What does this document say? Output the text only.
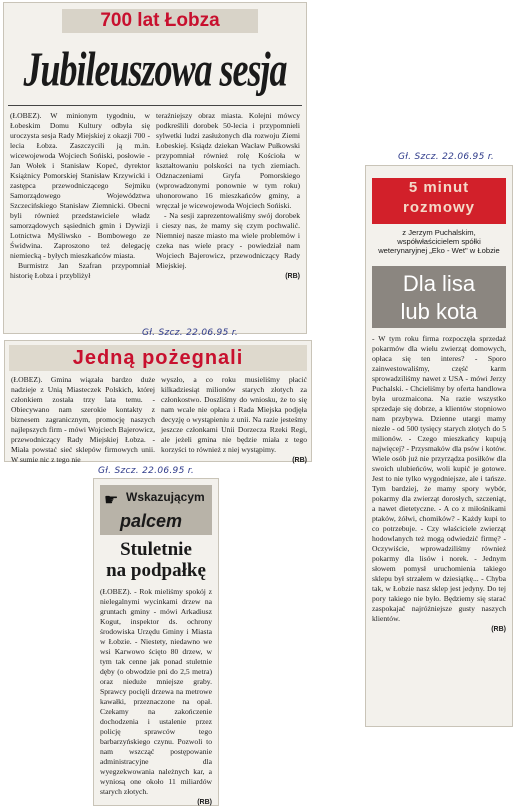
700 lat Łobza
Jubileuszowa sesja

(ŁOBEZ). W minionym tygodniu, w Łobeskim Domu Kultury odbyła się uroczysta sesja Rady Miejskiej z okazji 700 - lecia Łobza. Zaszczycili ją m.in. wicewojewoda Wojciech Sońiski, posłowie - Jan Wołek i Stanisław Kopeć, dyrektor Książnicy Pomorskiej Stanisław Krzywicki i zastępca przewodniczącego Sejmiku Samorządowego Województwa Szczecińskiego Stanisław Ziemnicki. Obecni byli również przedstawiciele władz samorządowych sąsiednich gmin i Dywizji Lotnictwa Myśliwsko - Bombowego ze Świdwina. Zaproszono też delegację niemiecką - byłych mieszkańców miasta.

Burmistrz Jan Szafran przypomniał historię Łobza i przybliżył

teraźniejszy obraz miasta. Kolejni mówcy podkreślili dorobek 50-lecia i przypomnieli sylwetki ludzi zasłużonych dla rozwoju Ziemi Łobeskiej. Ksiądz dziekan Wacław Pułkowski przypomniał również rolę Kościoła w kształtowaniu polskości na tych ziemiach. Odznaczeniami Gryfa Pomorskiego (wprowadzonymi ponownie w tym roku) uhonorowano 16 mieszkańców gminy, a wręczał je wicewojewoda Wojciech Sońiski.

- Na sesji zaprezentowaliśmy swój dorobek i cieszy nas, że mamy się czym pochwalić. Niemniej nasze miasto ma wiele problemów i czeka nas wiele pracy - powiedział nam Wojciech Bajerowicz, przewodniczący Rady Miejskiej.

(RB)

Gł. Szcz. 22.06.95 r.
Jedną pożegnali

(ŁOBEZ). Gmina wiązała bardzo duże nadzieje z Unią Miasteczek Polskich, której członkiem została trzy lata temu. - Obiecywano nam szerokie kontakty z biznesem zagranicznym, promocję naszych najlepszych firm - mówi Wojciech Bajerowicz, przewodniczący Rady Miejskiej Łobza. - Miała powstać sieć sklepów firmowych unii. W sumie nic z tego nie

wyszło, a co roku musieliśmy płacić kilkadziesiąt milionów starych złotych za członkostwo. Doszliśmy do wniosku, że to się nam wcale nie opłaca i Rada Miejska podjęła decyzję o wystąpieniu z unii. Na razie jesteśmy jeszcze członkami Unii Dorzecza Rzeki Regi, ale jeżeli gmina nie będzie miała z tego korzyści to również z niej wystąpimy.

(RB)

Gł. Szcz. 22.06.95 r.
☛ Wskazującym
palcem
Stuletnie
na podpałkę

(ŁOBEZ). - Rok mieliśmy spokój z nielegalnymi wycinkami drzew na gruntach gminy - mówi Arkadiusz Kogut, inspektor ds. ochrony środowiska Urzędu Gminy i Miasta w Łobzie. - Niestety, niedawno we wsi Karwowo ścięto 80 drzew, w tym tak cenne jak ponad stuletnie dęby (o obwodzie pni do 2,5 metra) oraz nieduże mniejsze graby. Sprawcy pocięli drzewa na metrowe kawałki, przeznaczone na opał. Czekamy na zakończenie dochodzenia i ustalenie przez policję sprawców tego barbarzyńskiego czynu. Pozwoli to nam wszcząć postępowanie administracyjne dla wyegzekwowania należnych kar, a wyniosą one około 11 miliardów starych złotych.

(RB)

Gł. Szcz. 22.06.95 r.
5 minut
rozmowy
z Jerzym Puchalskim, współwłaścicielem spółki weterynaryjnej „Eko - Wet" w Łobzie
Dla lisa
lub kota

- W tym roku firma rozpoczęła sprzedaż pokarmów dla wielu zwierząt domowych, opłaca się ten interes? - Sporo zainwestowaliśmy, część karm sprowadziliśmy nawet z USA - mówi Jerzy Puchalski. - Chcieliśmy by oferta handlowa była urozmaicona. Na razie wszystko sprzedaje się dobrze, a klientów stopniowo nam przybywa. Dzienne utargi mamy niezłe - od 500 tysięcy starych złotych do 5 milionów. - Czego mieszkańcy kupują najwięcej? - Przysmaków dla psów i kotów. Wiele osób już nie przyrządza posiłków dla swoich ulubieńców, woli kupić je gotowe. Jest to nie tylko wygodniejsze, ale i tańsze. Tym bardziej, że mamy spory wybór, pokarmy dla zwierząt dorosłych, szczeniąt, a nawet dietetyczne. - A co z miłośnikami ptaków, żółwi, chomików? - Każdy kupi to co potrzebuje. - Czy właściciele zwierząt hodowlanych też mogą odwiedzić firmę? - Oczywiście, wprowadziliśmy również pokarmy dla lisów i norek. - Jednym słowem pomysł uruchomienia takiego sklepu był strzałem w dziesiątkę... - Chyba tak, w Łobzie nasz sklep jest jedyny. Do tej pory takiego nie było. Będziemy się starać zaspokajać najróżniejsze gusty naszych klientów.

(RB)
